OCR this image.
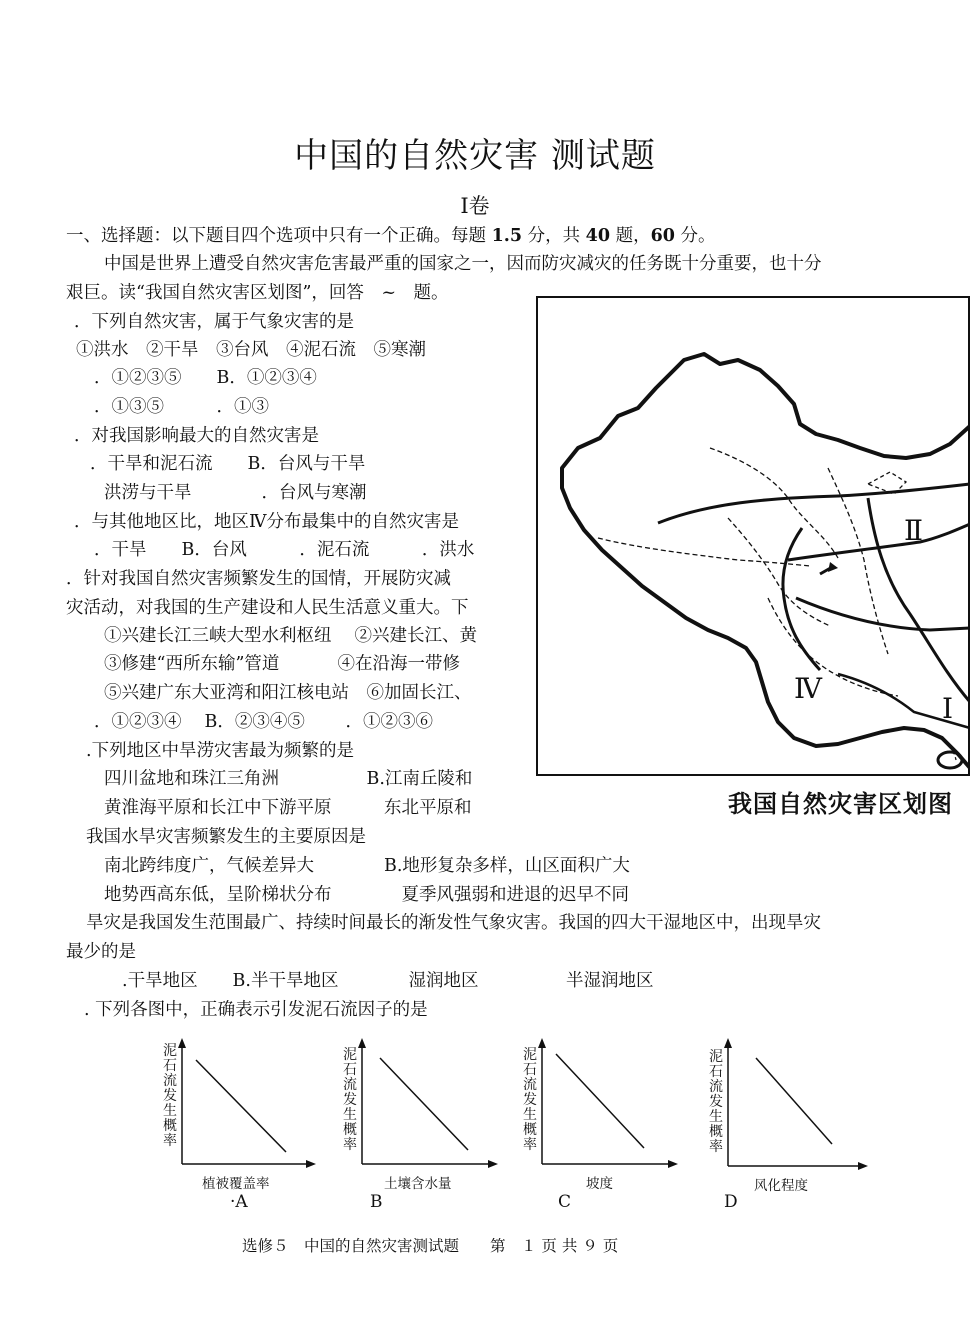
中国的自然灾害 测试题
Ⅰ卷
一、选择题：以下题目四个选项中只有一个正确。每题 1.5 分，共 40 题，60 分。
中国是世界上遭受自然灾害危害最严重的国家之一，因而防灾减灾的任务既十分重要，也十分
艰巨。读“我国自然灾害区划图”，回答　~　题。
．下列自然灾害，属于气象灾害的是
①洪水　②干旱　③台风　④泥石流　⑤寒潮
．①②③⑤　　B．①②③④
．①③⑤　　　．①③
．对我国影响最大的自然灾害是
．干旱和泥石流　　B．台风与干旱
洪涝与干旱　　　　．台风与寒潮
．与其他地区比，地区Ⅳ分布最集中的自然灾害是
．干旱　　B．台风　　　．泥石流　　　．洪水
．针对我国自然灾害频繁发生的国情，开展防灾减
灾活动，对我国的生产建设和人民生活意义重大。下
①兴建长江三峡大型水利枢纽　 ②兴建长江、黄
③修建“西所东输”管道　　　 ④在沿海一带修
⑤兴建广东大亚湾和阳江核电站　⑥加固长江、
．①②③④　 B．②③④⑤　　 ．①②③⑥
.下列地区中旱涝灾害最为频繁的是
四川盆地和珠江三角洲　　　　　B.江南丘陵和
黄淮海平原和长江中下游平原　　　东北平原和
我国水旱灾害频繁发生的主要原因是
南北跨纬度广，气候差异大　　　　B.地形复杂多样，山区面积广大
地势西高东低，呈阶梯状分布　　　　夏季风强弱和进退的迟早不同
旱灾是我国发生范围最广、持续时间最长的渐发性气象灾害。我国的四大干湿地区中，出现旱灾
最少的是
.干旱地区　　B.半干旱地区　　　　湿润地区　　　　　半湿润地区
. 下列各图中，正确表示引发泥石流因子的是
Ⅱ
Ⅳ
Ⅰ
我国自然灾害区划图
泥
石
流
发
生
概
率
植被覆盖率
·A
泥
石
流
发
生
概
率
土壤含水量
B
泥
石
流
发
生
概
率
坡度
C
泥
石
流
发
生
概
率
风化程度
D
选修５　中国的自然灾害测试题　　第　１ 页 共 ９ 页
